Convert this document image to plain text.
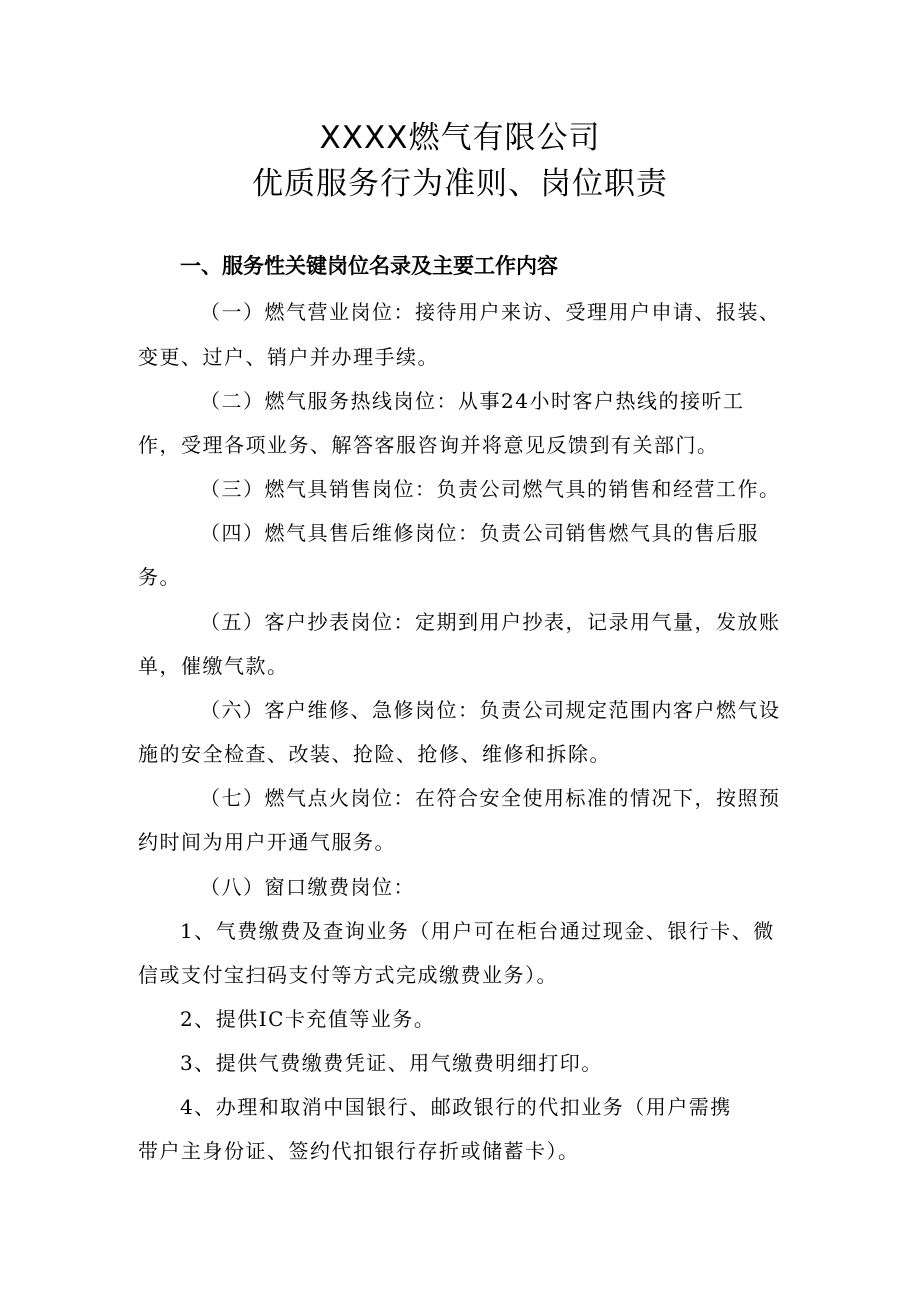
XXXX燃气有限公司
优质服务行为准则、岗位职责
一、服务性关键岗位名录及主要工作内容
（一）燃气营业岗位：接待用户来访、受理用户申请、报装、
变更、过户、销户并办理手续。
（二）燃气服务热线岗位：从事24小时客户热线的接听工
作，受理各项业务、解答客服咨询并将意见反馈到有关部门。
（三）燃气具销售岗位：负责公司燃气具的销售和经营工作。
（四）燃气具售后维修岗位：负责公司销售燃气具的售后服
务。
（五）客户抄表岗位：定期到用户抄表，记录用气量，发放账
单，催缴气款。
（六）客户维修、急修岗位：负责公司规定范围内客户燃气设
施的安全检查、改装、抢险、抢修、维修和拆除。
（七）燃气点火岗位：在符合安全使用标准的情况下，按照预
约时间为用户开通气服务。
（八）窗口缴费岗位：
1、气费缴费及查询业务（用户可在柜台通过现金、银行卡、微
信或支付宝扫码支付等方式完成缴费业务）。
2、提供IC卡充值等业务。
3、提供气费缴费凭证、用气缴费明细打印。
4、办理和取消中国银行、邮政银行的代扣业务（用户需携
带户主身份证、签约代扣银行存折或储蓄卡）。
